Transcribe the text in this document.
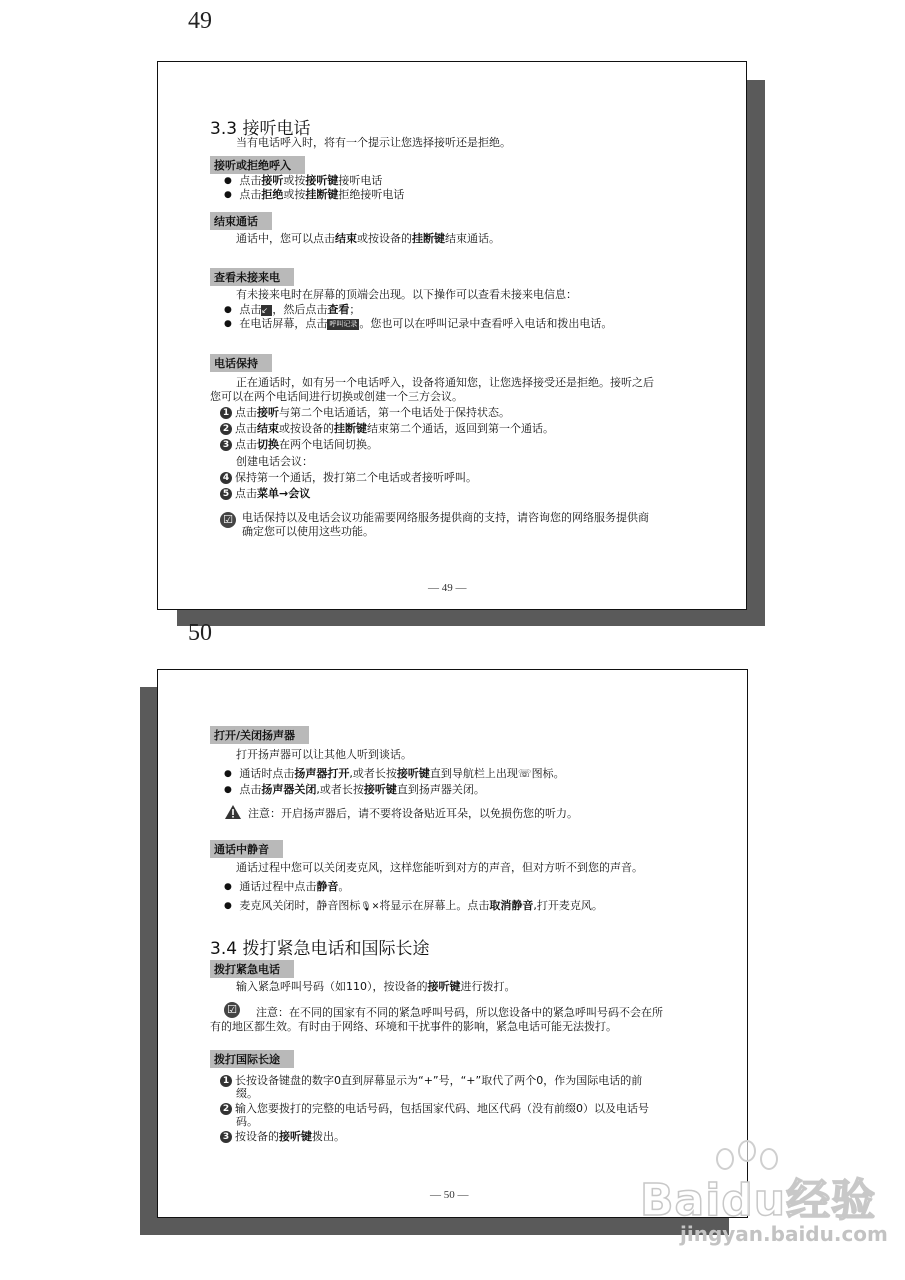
49
3.3 接听电话
当有电话呼入时，将有一个提示让您选择接听还是拒绝。
接听或拒绝呼入
● 点击接听或按接听键接听电话
● 点击拒绝或按挂断键拒绝接听电话
结束通话
通话中，您可以点击结束或按设备的挂断键结束通话。
查看未接来电
有未接来电时在屏幕的顶端会出现。以下操作可以查看未接来电信息：
● 点击↙ ，然后点击查看；
● 在电话屏幕，点击 呼叫记录 。您也可以在呼叫记录中查看呼入电话和拨出电话。
电话保持
正在通话时，如有另一个电话呼入，设备将通知您，让您选择接受还是拒绝。接听之后
您可以在两个电话间进行切换或创建一个三方会议。
1 点击接听与第二个电话通话，第一个电话处于保持状态。
2 点击结束或按设备的挂断键结束第二个通话，返回到第一个通话。
3 点击切换在两个电话间切换。
创建电话会议：
4 保持第一个通话，拨打第二个电话或者接听呼叫。
5 点击菜单→会议
☑ 电话保持以及电话会议功能需要网络服务提供商的支持，请咨询您的网络服务提供商
确定您可以使用这些功能。
— 49 —
50
打开/关闭扬声器
打开扬声器可以让其他人听到谈话。
● 通话时点击扬声器打开,或者长按接听键直到导航栏上出现☏图标。
● 点击扬声器关闭,或者长按接听键直到扬声器关闭。
注意：开启扬声器后，请不要将设备贴近耳朵，以免损伤您的听力。
通话中静音
通话过程中您可以关闭麦克风，这样您能听到对方的声音，但对方听不到您的声音。
● 通话过程中点击静音。
● 麦克风关闭时，静音图标🎙✕将显示在屏幕上。点击取消静音,打开麦克风。
3.4 拨打紧急电话和国际长途
拨打紧急电话
输入紧急呼叫号码（如110），按设备的接听键进行拨打。
☑ 注意：在不同的国家有不同的紧急呼叫号码，所以您设备中的紧急呼叫号码不会在所
有的地区都生效。有时由于网络、环境和干扰事件的影响，紧急电话可能无法拨打。
拨打国际长途
1 长按设备键盘的数字0直到屏幕显示为“+”号，“+”取代了两个0，作为国际电话的前
缀。
2 输入您要拨打的完整的电话号码，包括国家代码、地区代码（没有前缀0）以及电话号
码。
3 按设备的接听键拨出。
— 50 —	Baidu经验
jingyan.baidu.com
